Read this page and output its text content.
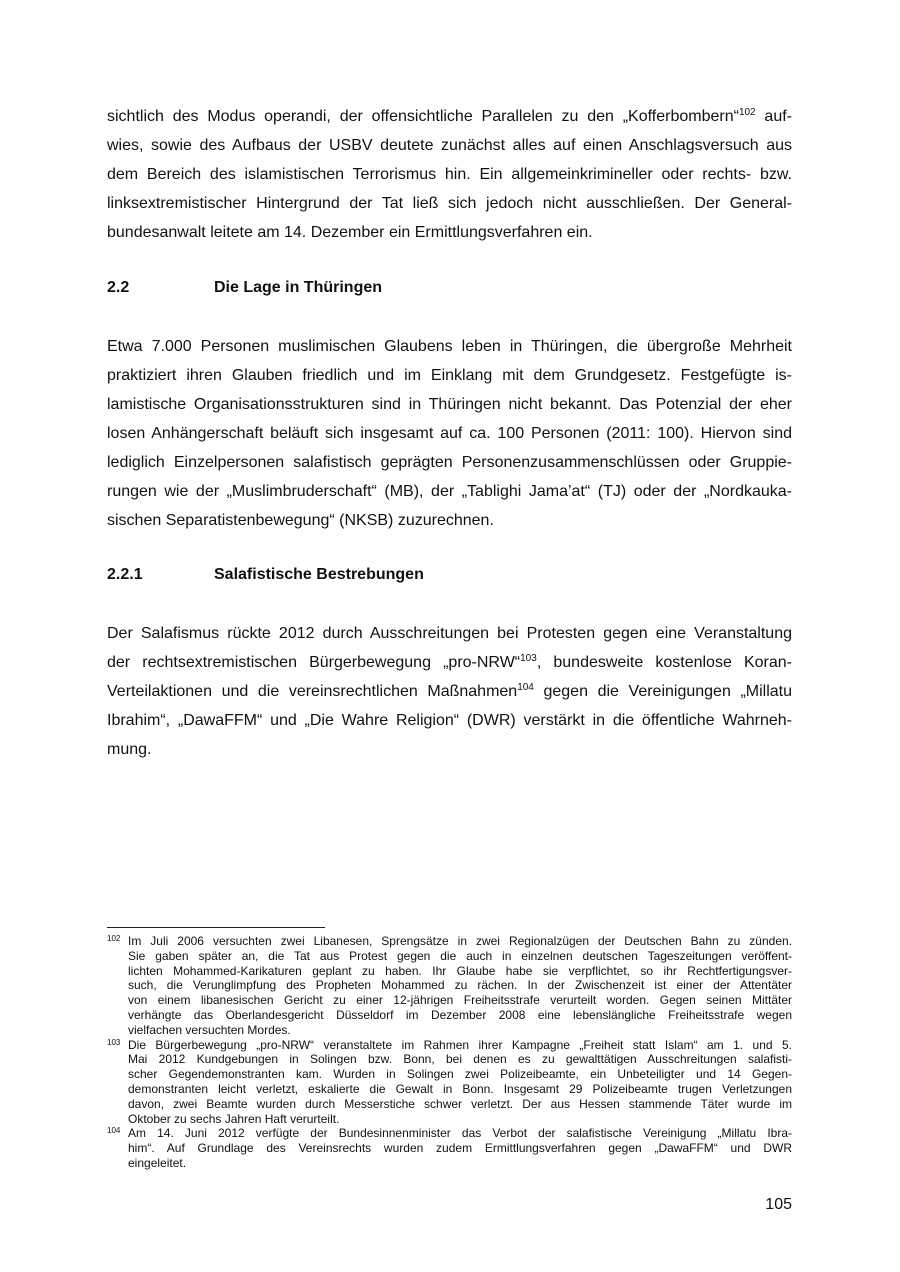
sichtlich des Modus operandi, der offensichtliche Parallelen zu den „Kofferbombern“$^{102}$ auf-
wies, sowie des Aufbaus der USBV deutete zunächst alles auf einen Anschlagsversuch aus
dem Bereich des islamistischen Terrorismus hin. Ein allgemeinkrimineller oder rechts- bzw.
linksextremistischer Hintergrund der Tat ließ sich jedoch nicht ausschließen. Der General-
bundesanwalt leitete am 14. Dezember ein Ermittlungsverfahren ein.
2.2	Die Lage in Thüringen
Etwa 7.000 Personen muslimischen Glaubens leben in Thüringen, die übergroße Mehrheit
praktiziert ihren Glauben friedlich und im Einklang mit dem Grundgesetz. Festgefügte is-
lamistische Organisationsstrukturen sind in Thüringen nicht bekannt. Das Potenzial der eher
losen Anhängerschaft beläuft sich insgesamt auf ca. 100 Personen (2011: 100). Hiervon sind
lediglich Einzelpersonen salafistisch geprägten Personenzusammenschlüssen oder Gruppie-
rungen wie der „Muslimbruderschaft“ (MB), der „Tablighi Jama’at“ (TJ) oder der „Nordkauka-
sischen Separatistenbewegung“ (NKSB) zuzurechnen.
2.2.1	Salafistische Bestrebungen
Der Salafismus rückte 2012 durch Ausschreitungen bei Protesten gegen eine Veranstaltung
der rechtsextremistischen Bürgerbewegung „pro-NRW“$^{103}$, bundesweite kostenlose Koran-
Verteilaktionen und die vereinsrechtlichen Maßnahmen$^{104}$ gegen die Vereinigungen „Millatu
Ibrahim“, „DawaFFM“ und „Die Wahre Religion“ (DWR) verstärkt in die öffentliche Wahrneh-
mung.
102 Im Juli 2006 versuchten zwei Libanesen, Sprengsätze in zwei Regionalzügen der Deutschen Bahn zu zünden.
Sie gaben später an, die Tat aus Protest gegen die auch in einzelnen deutschen Tageszeitungen veröffent-
lichten Mohammed-Karikaturen geplant zu haben. Ihr Glaube habe sie verpflichtet, so ihr Rechtfertigungsver-
such, die Verunglimpfung des Propheten Mohammed zu rächen. In der Zwischenzeit ist einer der Attentäter
von einem libanesischen Gericht zu einer 12-jährigen Freiheitsstrafe verurteilt worden. Gegen seinen Mittäter
verhängte das Oberlandesgericht Düsseldorf im Dezember 2008 eine lebenslängliche Freiheitsstrafe wegen
vielfachen versuchten Mordes.
103 Die Bürgerbewegung „pro-NRW“ veranstaltete im Rahmen ihrer Kampagne „Freiheit statt Islam“ am 1. und 5.
Mai 2012 Kundgebungen in Solingen bzw. Bonn, bei denen es zu gewalttätigen Ausschreitungen salafisti-
scher Gegendemonstranten kam. Wurden in Solingen zwei Polizeibeamte, ein Unbeteiligter und 14 Gegen-
demonstranten leicht verletzt, eskalierte die Gewalt in Bonn. Insgesamt 29 Polizeibeamte trugen Verletzungen
davon, zwei Beamte wurden durch Messerstiche schwer verletzt. Der aus Hessen stammende Täter wurde im
Oktober zu sechs Jahren Haft verurteilt.
104 Am 14. Juni 2012 verfügte der Bundesinnenminister das Verbot der salafistische Vereinigung „Millatu Ibra-
him“. Auf Grundlage des Vereinsrechts wurden zudem Ermittlungsverfahren gegen „DawaFFM“ und DWR
eingeleitet.
105
